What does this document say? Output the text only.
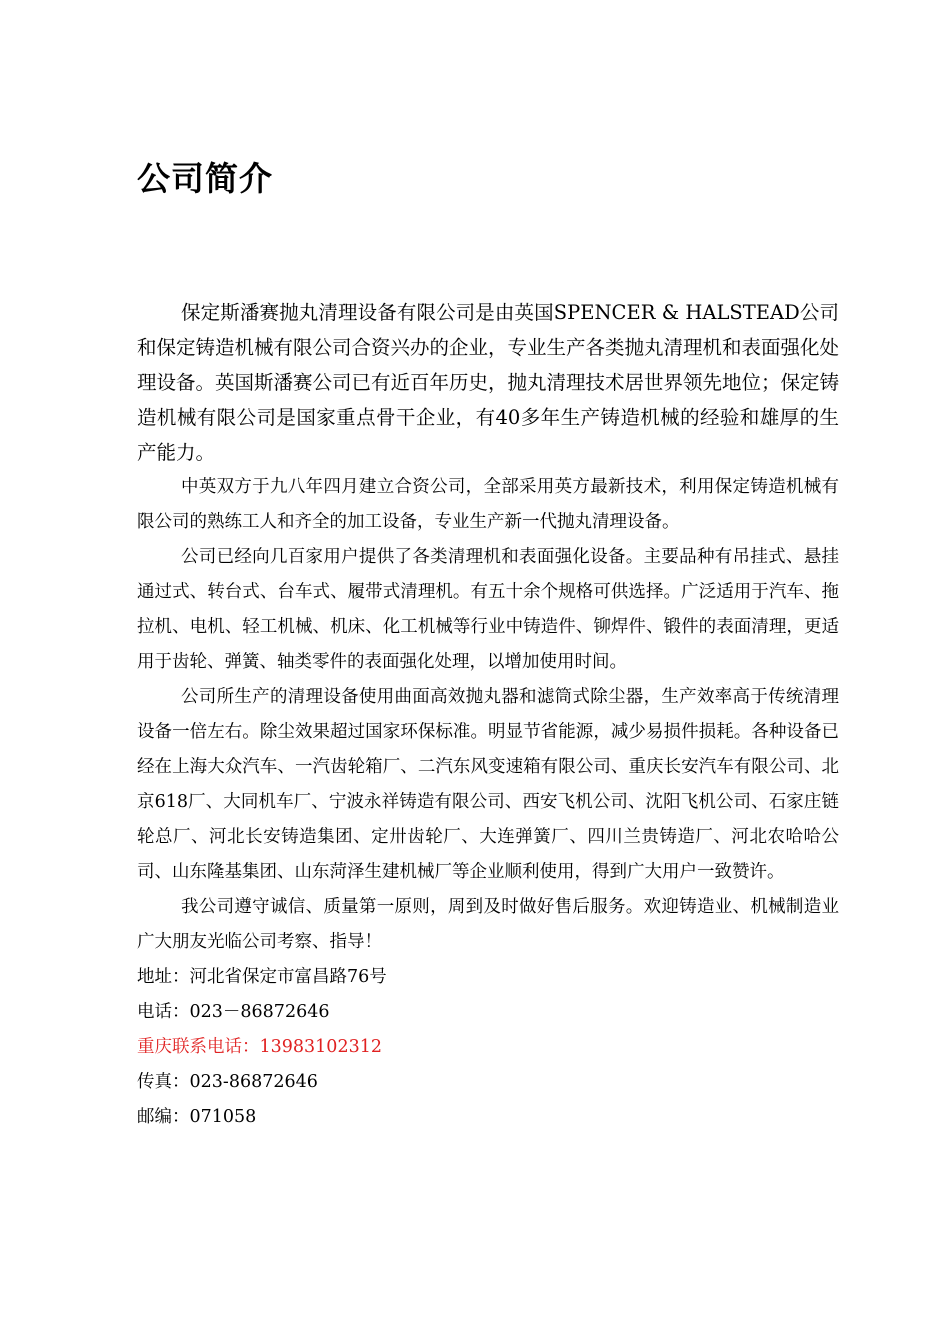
公司简介

保定斯潘赛抛丸清理设备有限公司是由英国SPENCER & HALSTEAD公司和保定铸造机械有限公司合资兴办的企业，专业生产各类抛丸清理机和表面强化处理设备。英国斯潘赛公司已有近百年历史，抛丸清理技术居世界领先地位；保定铸造机械有限公司是国家重点骨干企业，有40多年生产铸造机械的经验和雄厚的生产能力。

中英双方于九八年四月建立合资公司，全部采用英方最新技术，利用保定铸造机械有限公司的熟练工人和齐全的加工设备，专业生产新一代抛丸清理设备。

公司已经向几百家用户提供了各类清理机和表面强化设备。主要品种有吊挂式、悬挂通过式、转台式、台车式、履带式清理机。有五十余个规格可供选择。广泛适用于汽车、拖拉机、电机、轻工机械、机床、化工机械等行业中铸造件、铆焊件、锻件的表面清理，更适用于齿轮、弹簧、轴类零件的表面强化处理，以增加使用时间。

公司所生产的清理设备使用曲面高效抛丸器和滤筒式除尘器，生产效率高于传统清理设备一倍左右。除尘效果超过国家环保标准。明显节省能源，减少易损件损耗。各种设备已经在上海大众汽车、一汽齿轮箱厂、二汽东风变速箱有限公司、重庆长安汽车有限公司、北京618厂、大同机车厂、宁波永祥铸造有限公司、西安飞机公司、沈阳飞机公司、石家庄链轮总厂、河北长安铸造集团、定卅齿轮厂、大连弹簧厂、四川兰贵铸造厂、河北农哈哈公司、山东隆基集团、山东菏泽生建机械厂等企业顺利使用，得到广大用户一致赞许。

我公司遵守诚信、质量第一原则，周到及时做好售后服务。欢迎铸造业、机械制造业广大朋友光临公司考察、指导！

地址：河北省保定市富昌路76号

电话：023－86872646

重庆联系电话：13983102312

传真：023-86872646

邮编：071058
